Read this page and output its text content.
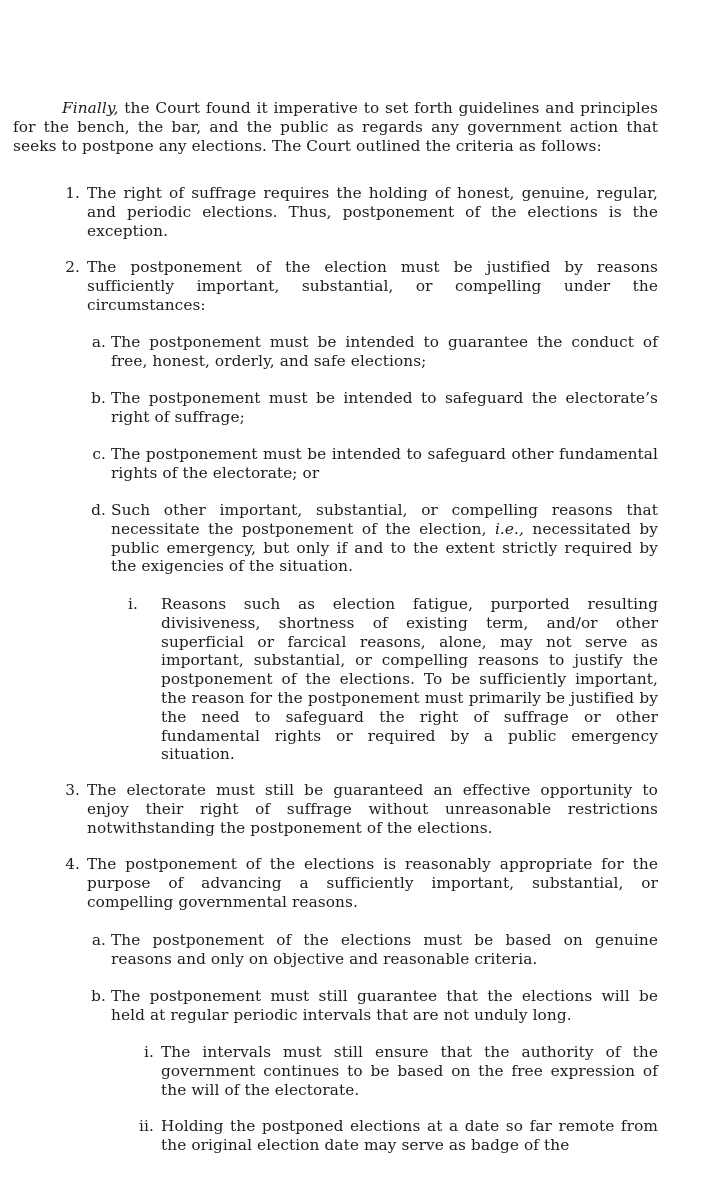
Finally, the Court found it imperative to set forth guidelines and principles for the bench, the bar, and the public as regards any government action that seeks to postpone any elections. The Court outlined the criteria as follows:

1. The right of suffrage requires the holding of honest, genuine, regular, and periodic elections. Thus, postponement of the elections is the exception.

2. The postponement of the election must be justified by reasons sufficiently important, substantial, or compelling under the circumstances:

a. The postponement must be intended to guarantee the conduct of free, honest, orderly, and safe elections;

b. The postponement must be intended to safeguard the electorate’s right of suffrage;

c. The postponement must be intended to safeguard other fundamental rights of the electorate; or

d. Such other important, substantial, or compelling reasons that necessitate the postponement of the election, i.e., necessitated by public emergency, but only if and to the extent strictly required by the exigencies of the situation.

i. Reasons such as election fatigue, purported resulting divisiveness, shortness of existing term, and/or other superficial or farcical reasons, alone, may not serve as important, substantial, or compelling reasons to justify the postponement of the elections. To be sufficiently important, the reason for the postponement must primarily be justified by the need to safeguard the right of suffrage or other fundamental rights or required by a public emergency situation.

3. The electorate must still be guaranteed an effective opportunity to enjoy their right of suffrage without unreasonable restrictions notwithstanding the postponement of the elections.

4. The postponement of the elections is reasonably appropriate for the purpose of advancing a sufficiently important, substantial, or compelling governmental reasons.

a. The postponement of the elections must be based on genuine reasons and only on objective and reasonable criteria.

b. The postponement must still guarantee that the elections will be held at regular periodic intervals that are not unduly long.

i. The intervals must still ensure that the authority of the government continues to be based on the free expression of the will of the electorate.

ii. Holding the postponed elections at a date so far remote from the original election date may serve as badge of the
